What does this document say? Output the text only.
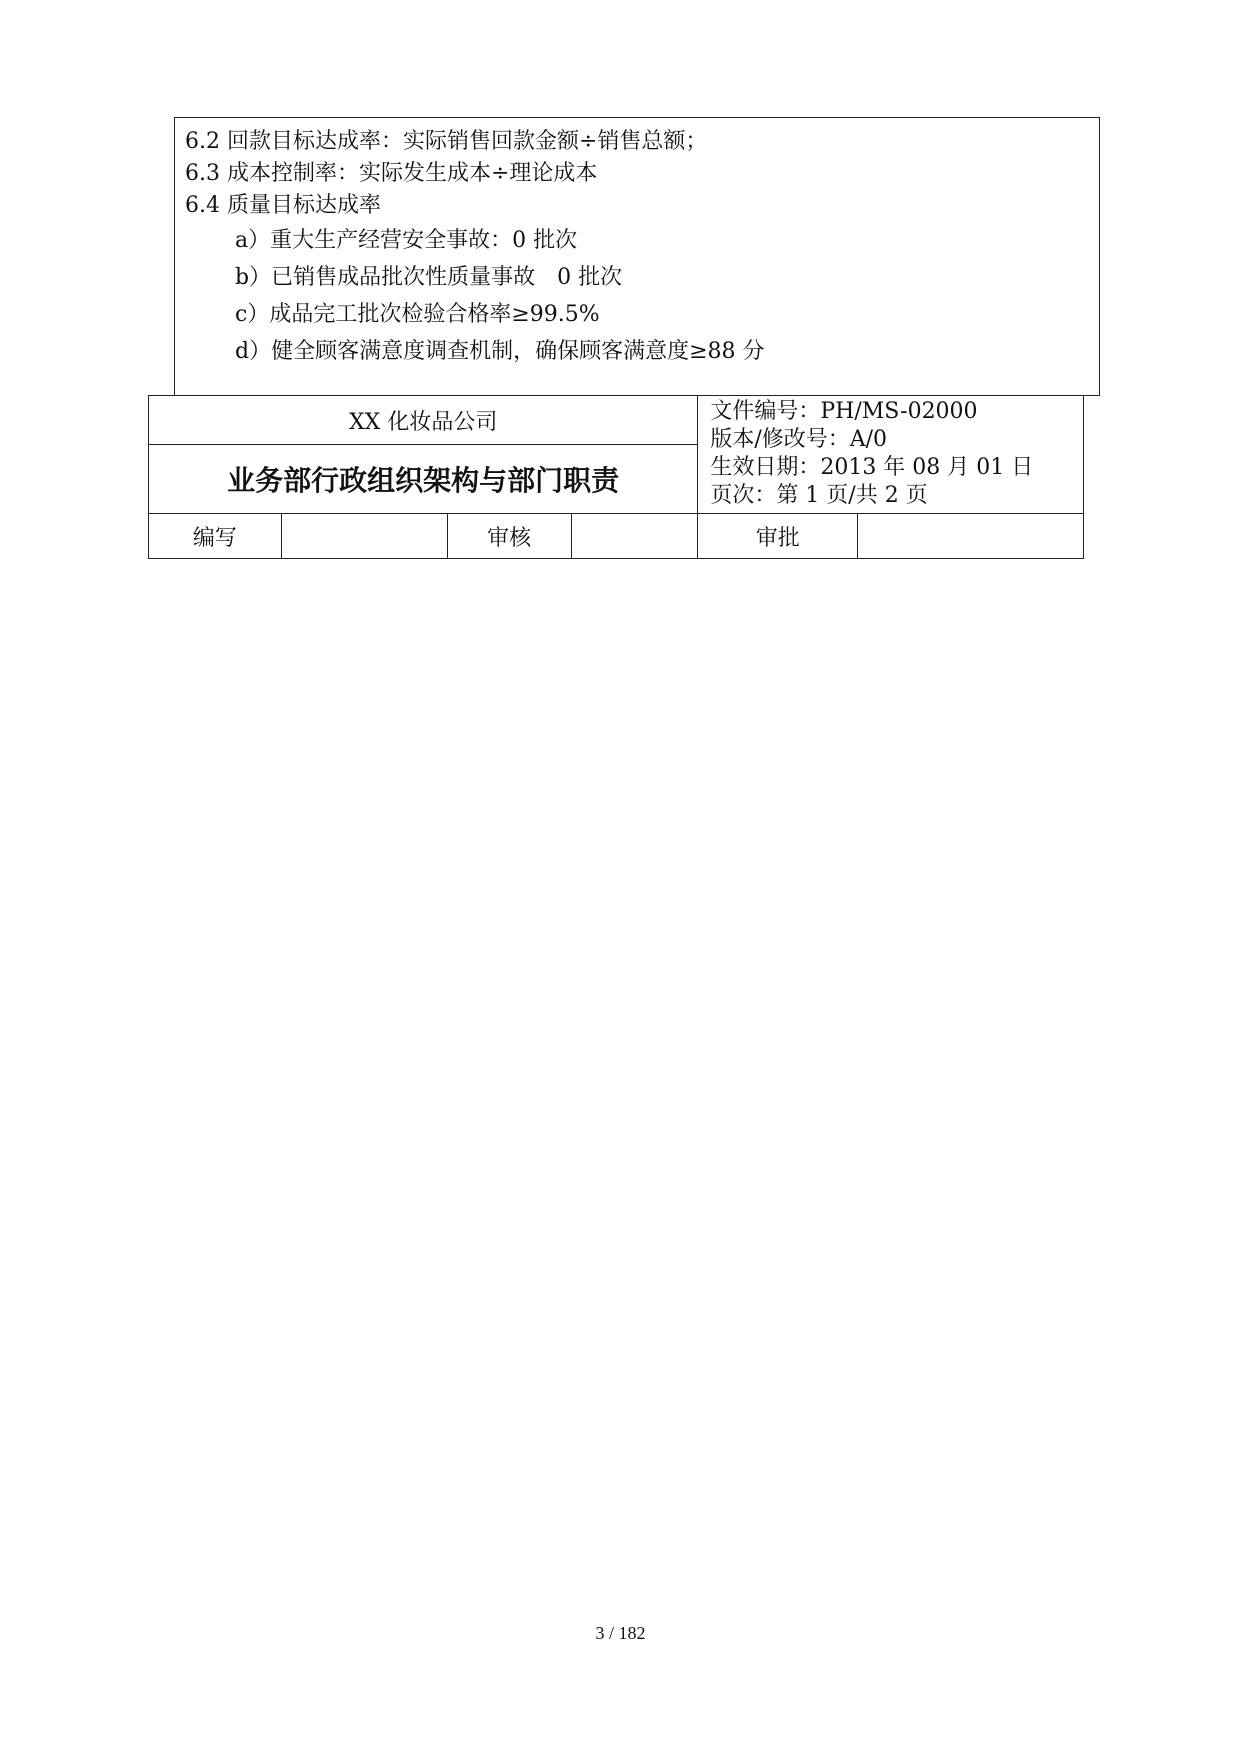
6.2 回款目标达成率：实际销售回款金额÷销售总额；
6.3 成本控制率：实际发生成本÷理论成本
6.4 质量目标达成率
a）重大生产经营安全事故：0 批次
b）已销售成品批次性质量事故　0 批次
c）成品完工批次检验合格率≥99.5%
d）健全顾客满意度调查机制，确保顾客满意度≥88 分
XX 化妆品公司				文件编号：PH/MS-02000
版本/修改号：A/0
生效日期：2013 年 08 月 01 日
页次：第 1 页/共 2 页	

业务部行政组织架构与部门职责					
编写		审核		审批	
3 / 182
